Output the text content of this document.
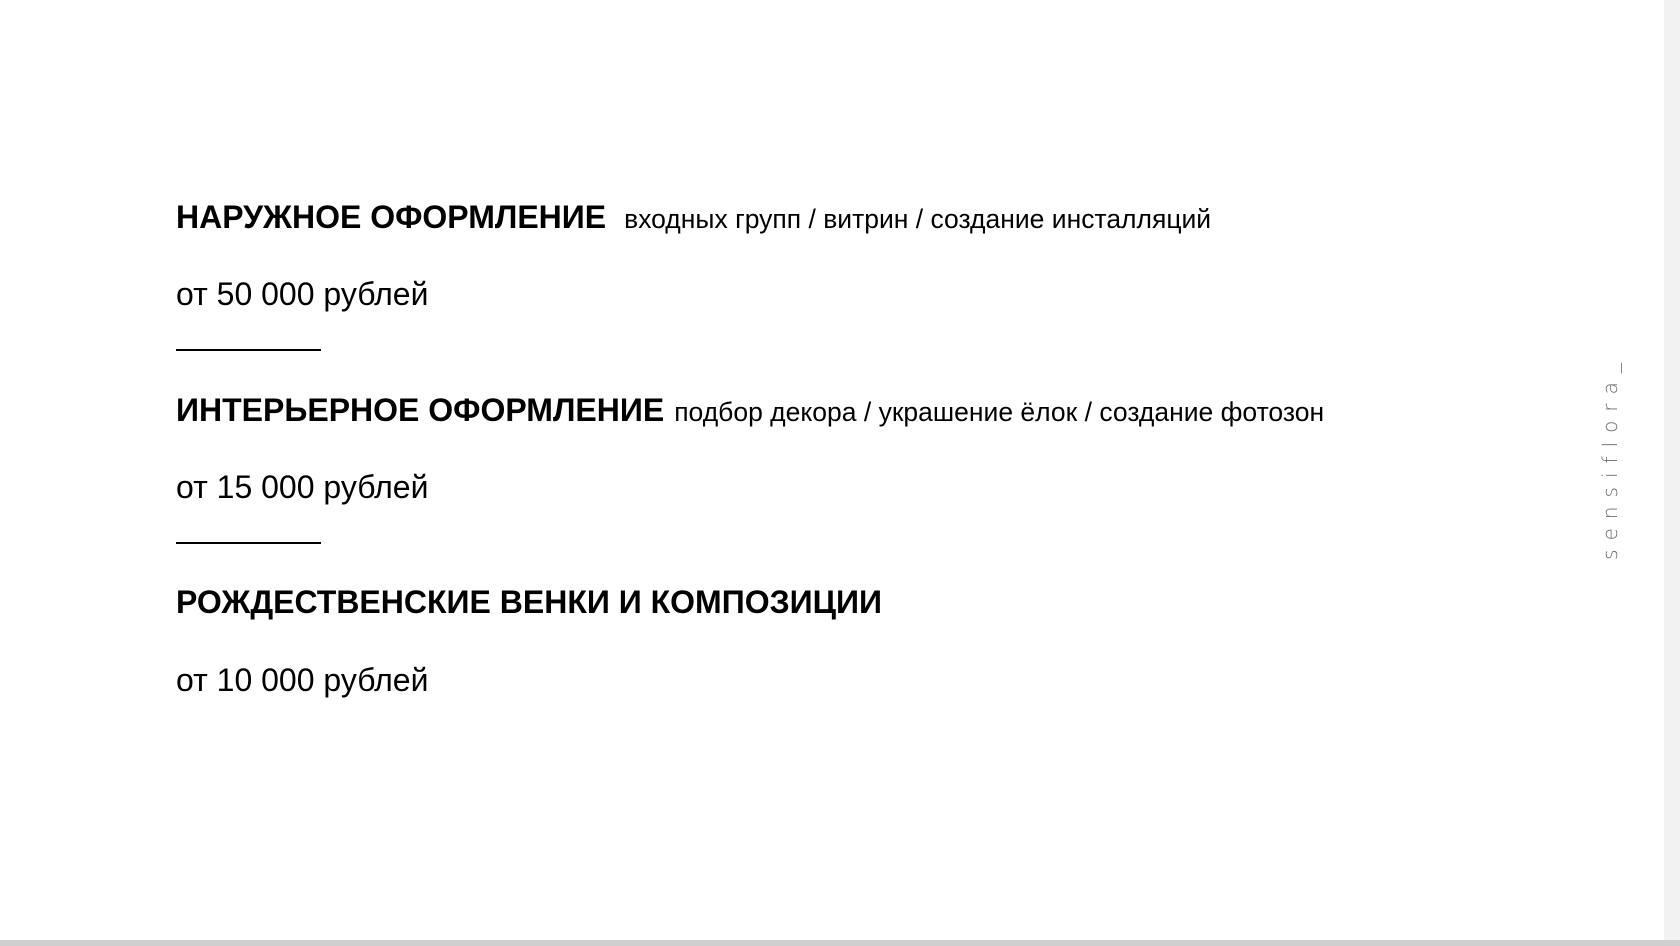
НАРУЖНОЕ ОФОРМЛЕНИЕ входных групп / витрин / создание инсталляций
от 50 000 рублей
ИНТЕРЬЕРНОЕ ОФОРМЛЕНИЕ подбор декора / украшение ёлок / создание фотозон
от 15 000 рублей
РОЖДЕСТВЕНСКИЕ ВЕНКИ И КОМПОЗИЦИИ
от 10 000 рублей
sensiflora_
